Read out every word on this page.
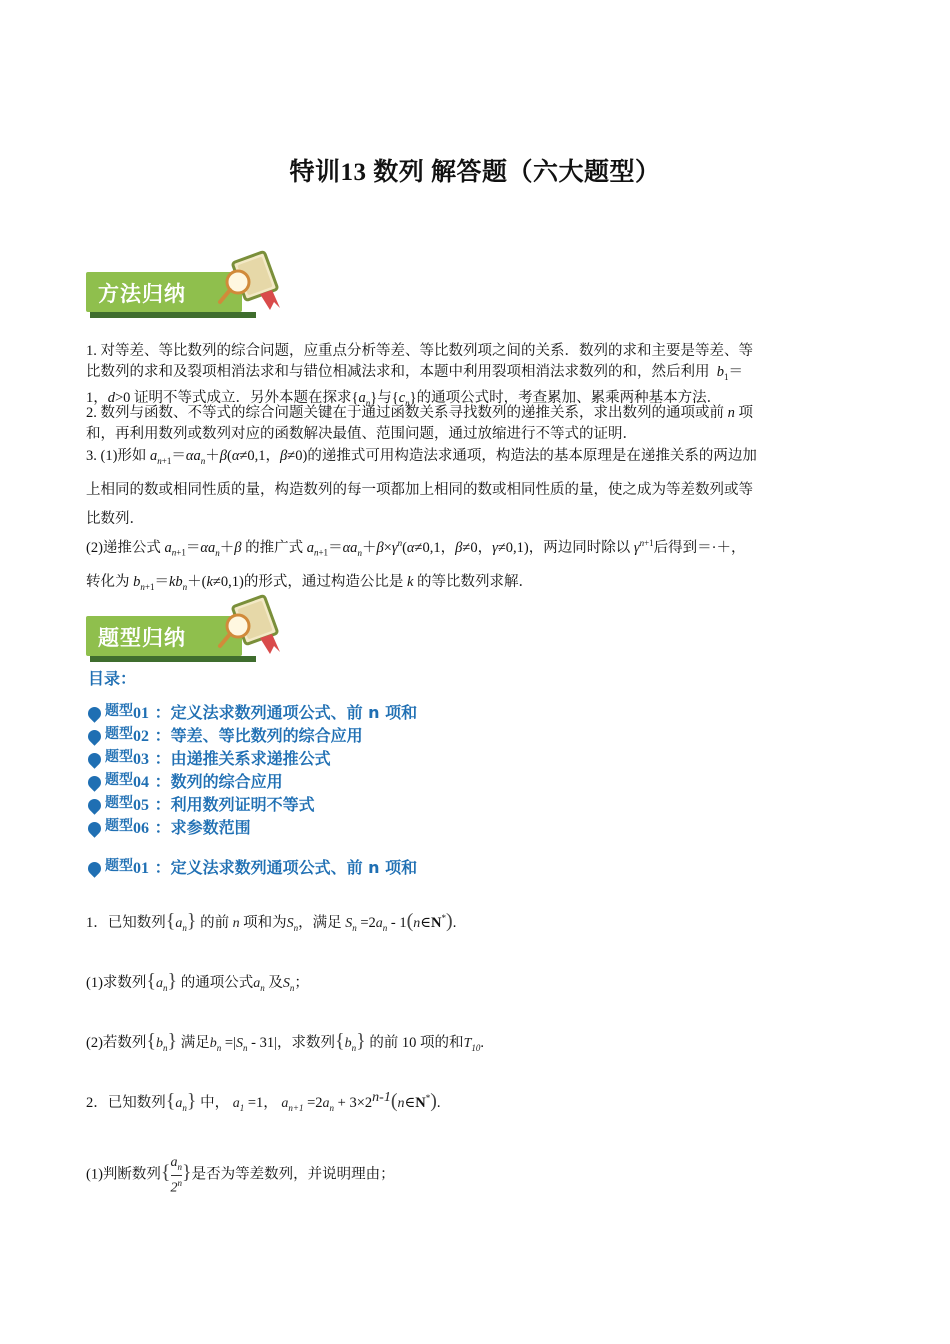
特训13 数列 解答题（六大题型）
方法归纳
1. 对等差、等比数列的综合问题，应重点分析等差、等比数列项之间的关系．数列的求和主要是等差、等
比数列的求和及裂项相消法求和与错位相减法求和，本题中利用裂项相消法求数列的和，然后利用 $b_1=$
1，d>0 证明不等式成立．另外本题在探求$\{a_n\}$与$\{c_n\}$的通项公式时，考查累加、累乘两种基本方法．
2. 数列与函数、不等式的综合问题关键在于通过函数关系寻找数列的递推关系，求出数列的通项或前 n 项
和，再利用数列或数列对应的函数解决最值、范围问题，通过放缩进行不等式的证明．
3. (1)形如 $a_{n+1}=\alpha a_n+\beta(\alpha\ne 0,1$，β≠0)的递推式可用构造法求通项，构造法的基本原理是在递推关系的两边加
上相同的数或相同性质的量，构造数列的每一项都加上相同的数或相同性质的量，使之成为等差数列或等
比数列．
(2)递推公式 $a_{n+1}=\alpha a_n+\beta$ 的推广式 $a_{n+1}=\alpha a_n+\beta\times\gamma^n(\alpha\ne 0,1$，β≠0，γ≠0,1)，两边同时除以 $\gamma^{n+1}$后得到＝·＋，
转化为 $b_{n+1}=kb_n+(k\ne 0,1)$的形式，通过构造公比是 k 的等比数列求解．
题型归纳
目录：
题型01 ：定义法求数列通项公式、前 n 项和
题型02 ：等差、等比数列的综合应用
题型03 ：由递推关系求递推公式
题型04 ：数列的综合应用
题型05 ：利用数列证明不等式
题型06 ：求参数范围
题型01 ：定义法求数列通项公式、前 n 项和
1．已知数列$\{a_n\}$ 的前 n 项和为$S_n$，满足 $S_n =2a_n$ - 1(n∈N*).
(1)求数列$\{a_n\}$ 的通项公式$a_n$ 及$S_n$；
(2)若数列$\{b_n\}$ 满足$b_n =|S_n - 31|$，求数列$\{b_n\}$ 的前 10 项的和$T_{10}$.
2．已知数列$\{a_n\}$ 中， $a_1 =1$， $a_{n+1} =2a_n$ + $3\times 2^{n-1}(n\in N^*)$.
(1)判断数列{ $\frac{a_n}{2^n}$ }是否为等差数列，并说明理由；
